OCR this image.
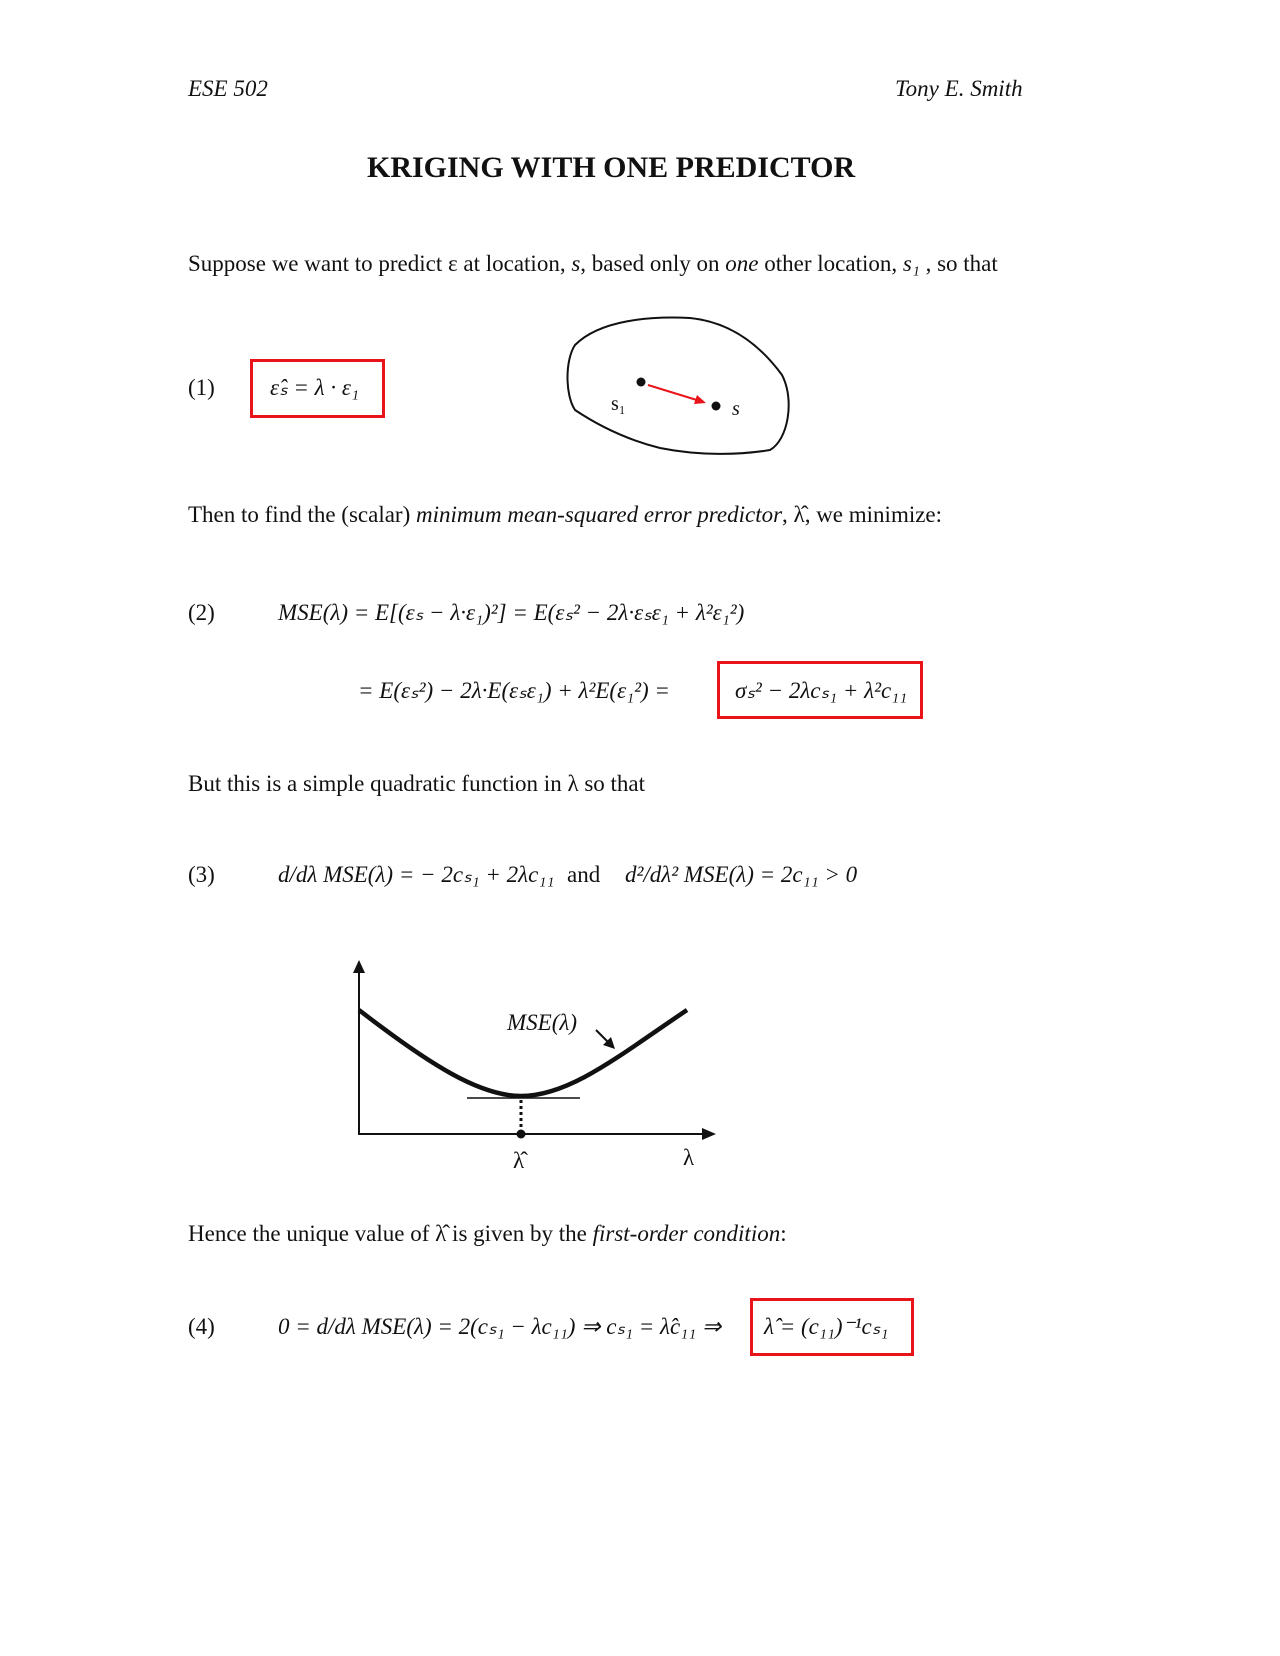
ESE 502	Tony E. Smith
KRIGING WITH ONE PREDICTOR
Suppose we want to predict ε at location, s, based only on one other location, s₁ , so that
(1) ε̂ₛ = λ · ε₁
s₁	s
Then to find the (scalar) minimum mean-squared error predictor, λ̂, we minimize:
(2)	MSE(λ) = E[(εₛ − λ·ε₁)²] = E(εₛ² − 2λ·εₛε₁ + λ²ε₁²)
= E(εₛ²) − 2λ·E(εₛε₁) + λ²E(ε₁²) =	σₛ² − 2λcₛ₁ + λ²c₁₁
But this is a simple quadratic function in λ so that
(3)	d/dλ MSE(λ) = − 2cₛ₁ + 2λc₁₁ and d²/dλ² MSE(λ) = 2c₁₁ > 0
MSE(λ)
λ̂	λ
Hence the unique value of λ̂ is given by the first-order condition:
(4)	0 = d/dλ MSE(λ) = 2(cₛ₁ − λc₁₁) ⇒ cₛ₁ = λ̂c₁₁ ⇒ λ̂ = (c₁₁)⁻¹cₛ₁
